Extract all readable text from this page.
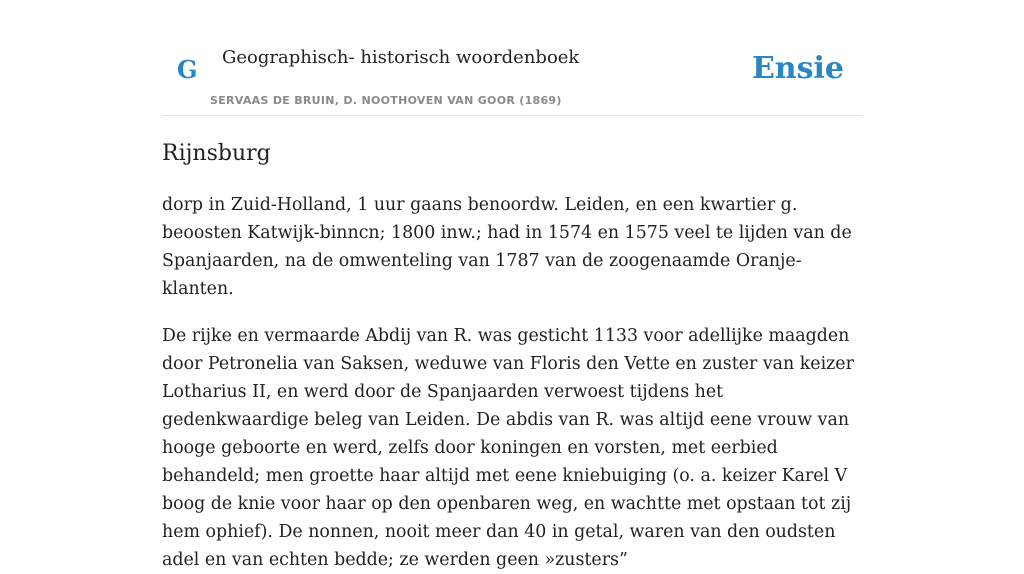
G Geographisch- historisch woordenboek
SERVAAS DE BRUIN, D. NOOTHOVEN VAN GOOR (1869)
Ensie
Rijnsburg

dorp in Zuid-Holland, 1 uur gaans benoordw. Leiden, en een kwartier g. beoosten Katwijk-binncn; 1800 inw.; had in 1574 en 1575 veel te lijden van de Spanjaarden, na de omwenteling van 1787 van de zoogenaamde Oranje-klanten.

De rijke en vermaarde Abdij van R. was gesticht 1133 voor adellijke maagden door Petronelia van Saksen, weduwe van Floris den Vette en zuster van keizer Lotharius II, en werd door de Spanjaarden verwoest tijdens het gedenkwaardige beleg van Leiden. De abdis van R. was altijd eene vrouw van hooge geboorte en werd, zelfs door koningen en vorsten, met eerbied behandeld; men groette haar altijd met eene kniebuiging (o. a. keizer Karel V boog de knie voor haar op den openbaren weg, en wachtte met opstaan tot zij hem ophief). De nonnen, nooit meer dan 40 in getal, waren van den oudsten adel en van echten bedde; ze werden geen »zusters”
